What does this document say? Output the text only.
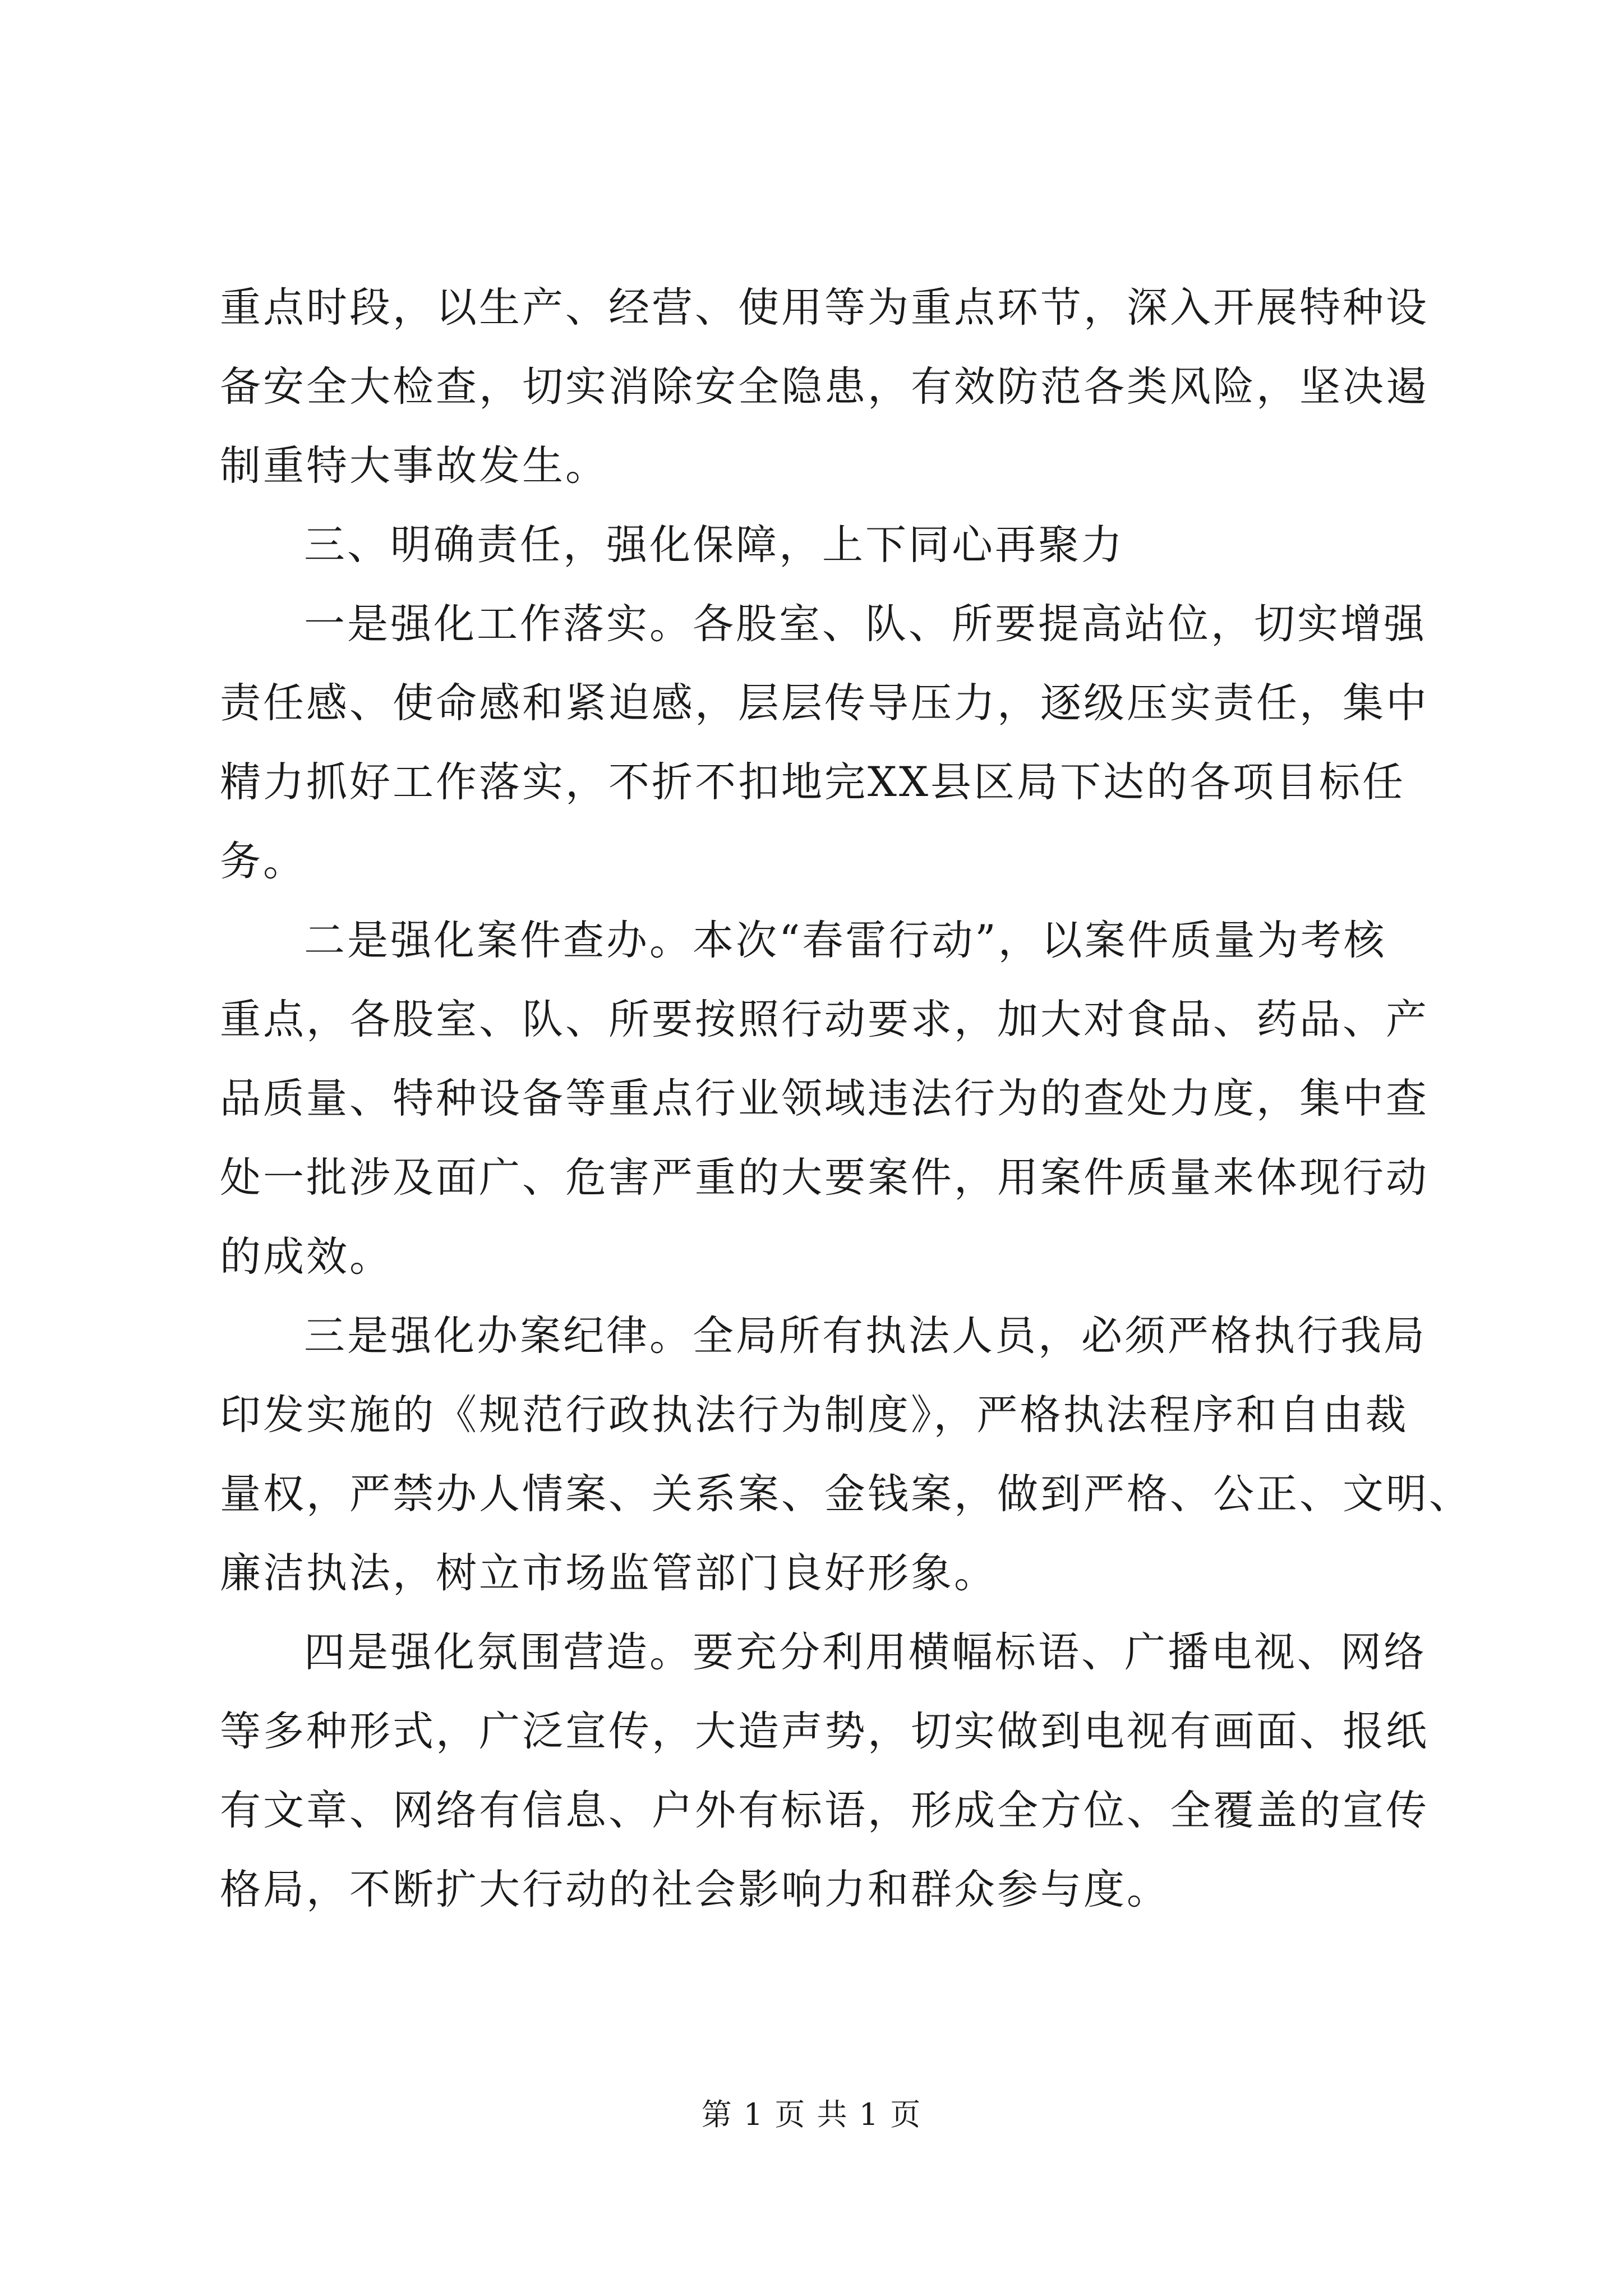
重点时段，以生产、经营、使用等为重点环节，深入开展特种设
备安全大检查，切实消除安全隐患，有效防范各类风险，坚决遏
制重特大事故发生。
三、明确责任，强化保障，上下同心再聚力
一是强化工作落实。各股室、队、所要提高站位，切实增强
责任感、使命感和紧迫感，层层传导压力，逐级压实责任，集中
精力抓好工作落实，不折不扣地完XX县区局下达的各项目标任
务。
二是强化案件查办。本次“春雷行动”，以案件质量为考核
重点，各股室、队、所要按照行动要求，加大对食品、药品、产
品质量、特种设备等重点行业领域违法行为的查处力度，集中查
处一批涉及面广、危害严重的大要案件，用案件质量来体现行动
的成效。
三是强化办案纪律。全局所有执法人员，必须严格执行我局
印发实施的《规范行政执法行为制度》，严格执法程序和自由裁
量权，严禁办人情案、关系案、金钱案，做到严格、公正、文明、
廉洁执法，树立市场监管部门良好形象。
四是强化氛围营造。要充分利用横幅标语、广播电视、网络
等多种形式，广泛宣传，大造声势，切实做到电视有画面、报纸
有文章、网络有信息、户外有标语，形成全方位、全覆盖的宣传
格局，不断扩大行动的社会影响力和群众参与度。
第 1 页 共 1 页
